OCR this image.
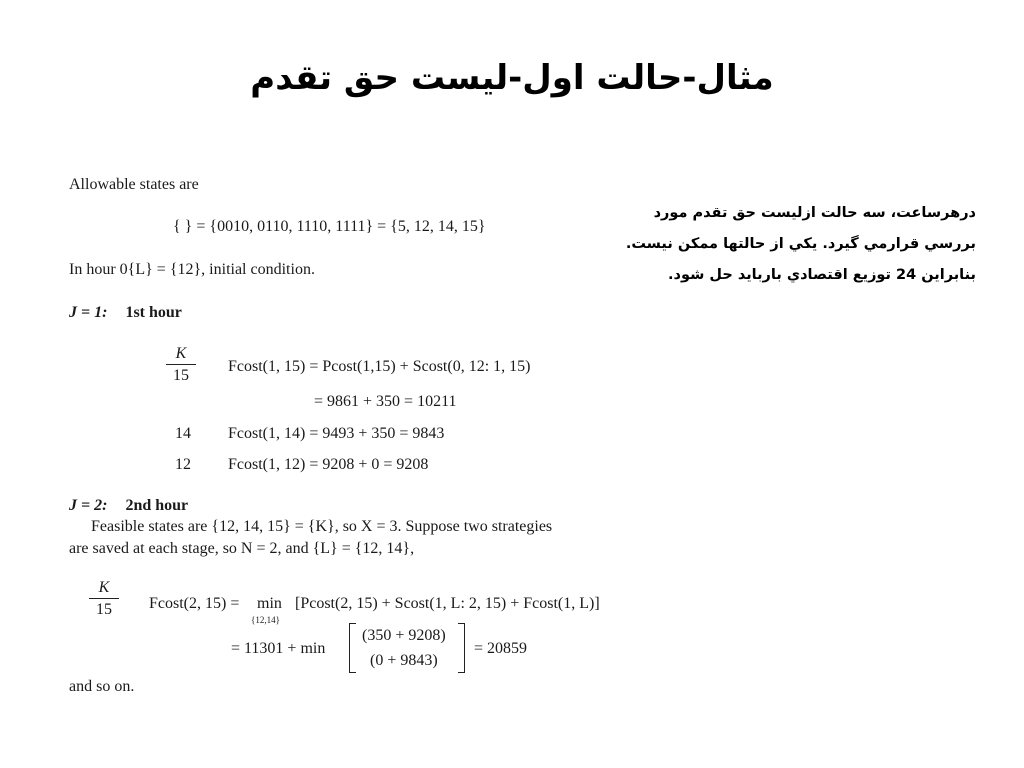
مثال-حالت اول-لیست حق تقدم
درهرساعت، سه حالت ازلیست حق تقدم مورد
بررسي قرارمي گيرد. يكي از حالتها ممكن نيست.
بنابراین 24 توزیع اقتصادي باربايد حل شود.
Allowable states are
{ } = {0010, 0110, 1110, 1111} = {5, 12, 14, 15}
In hour 0{L} = {12}, initial condition.
J = 1: 1st hour
$\frac{K}{15} Fcost(1$, 15) = Pcost(1,15) + Scost(0, 12: 1, 15)
= 9861 + 350 = 10211
14 Fcost(1, 14) = 9493 + 350 = 9843
12 Fcost(1, 12) = 9208 + 0 = 9208
J = 2: 2nd hour
Feasible states are {12, 14, 15} = {K}, so X = 3. Suppose two strategies
are saved at each stage, so N = 2, and {L} = {12, 14},
$\frac{K}{15} Fcost(2$, 15) = min
{12,14}
[Pcost(2, 15) + Scost(1, L: 2, 15) + Fcost(1, L)]
= 11301 + min
(350 + 9208)
(0 + 9843)
= 20859
and so on.
